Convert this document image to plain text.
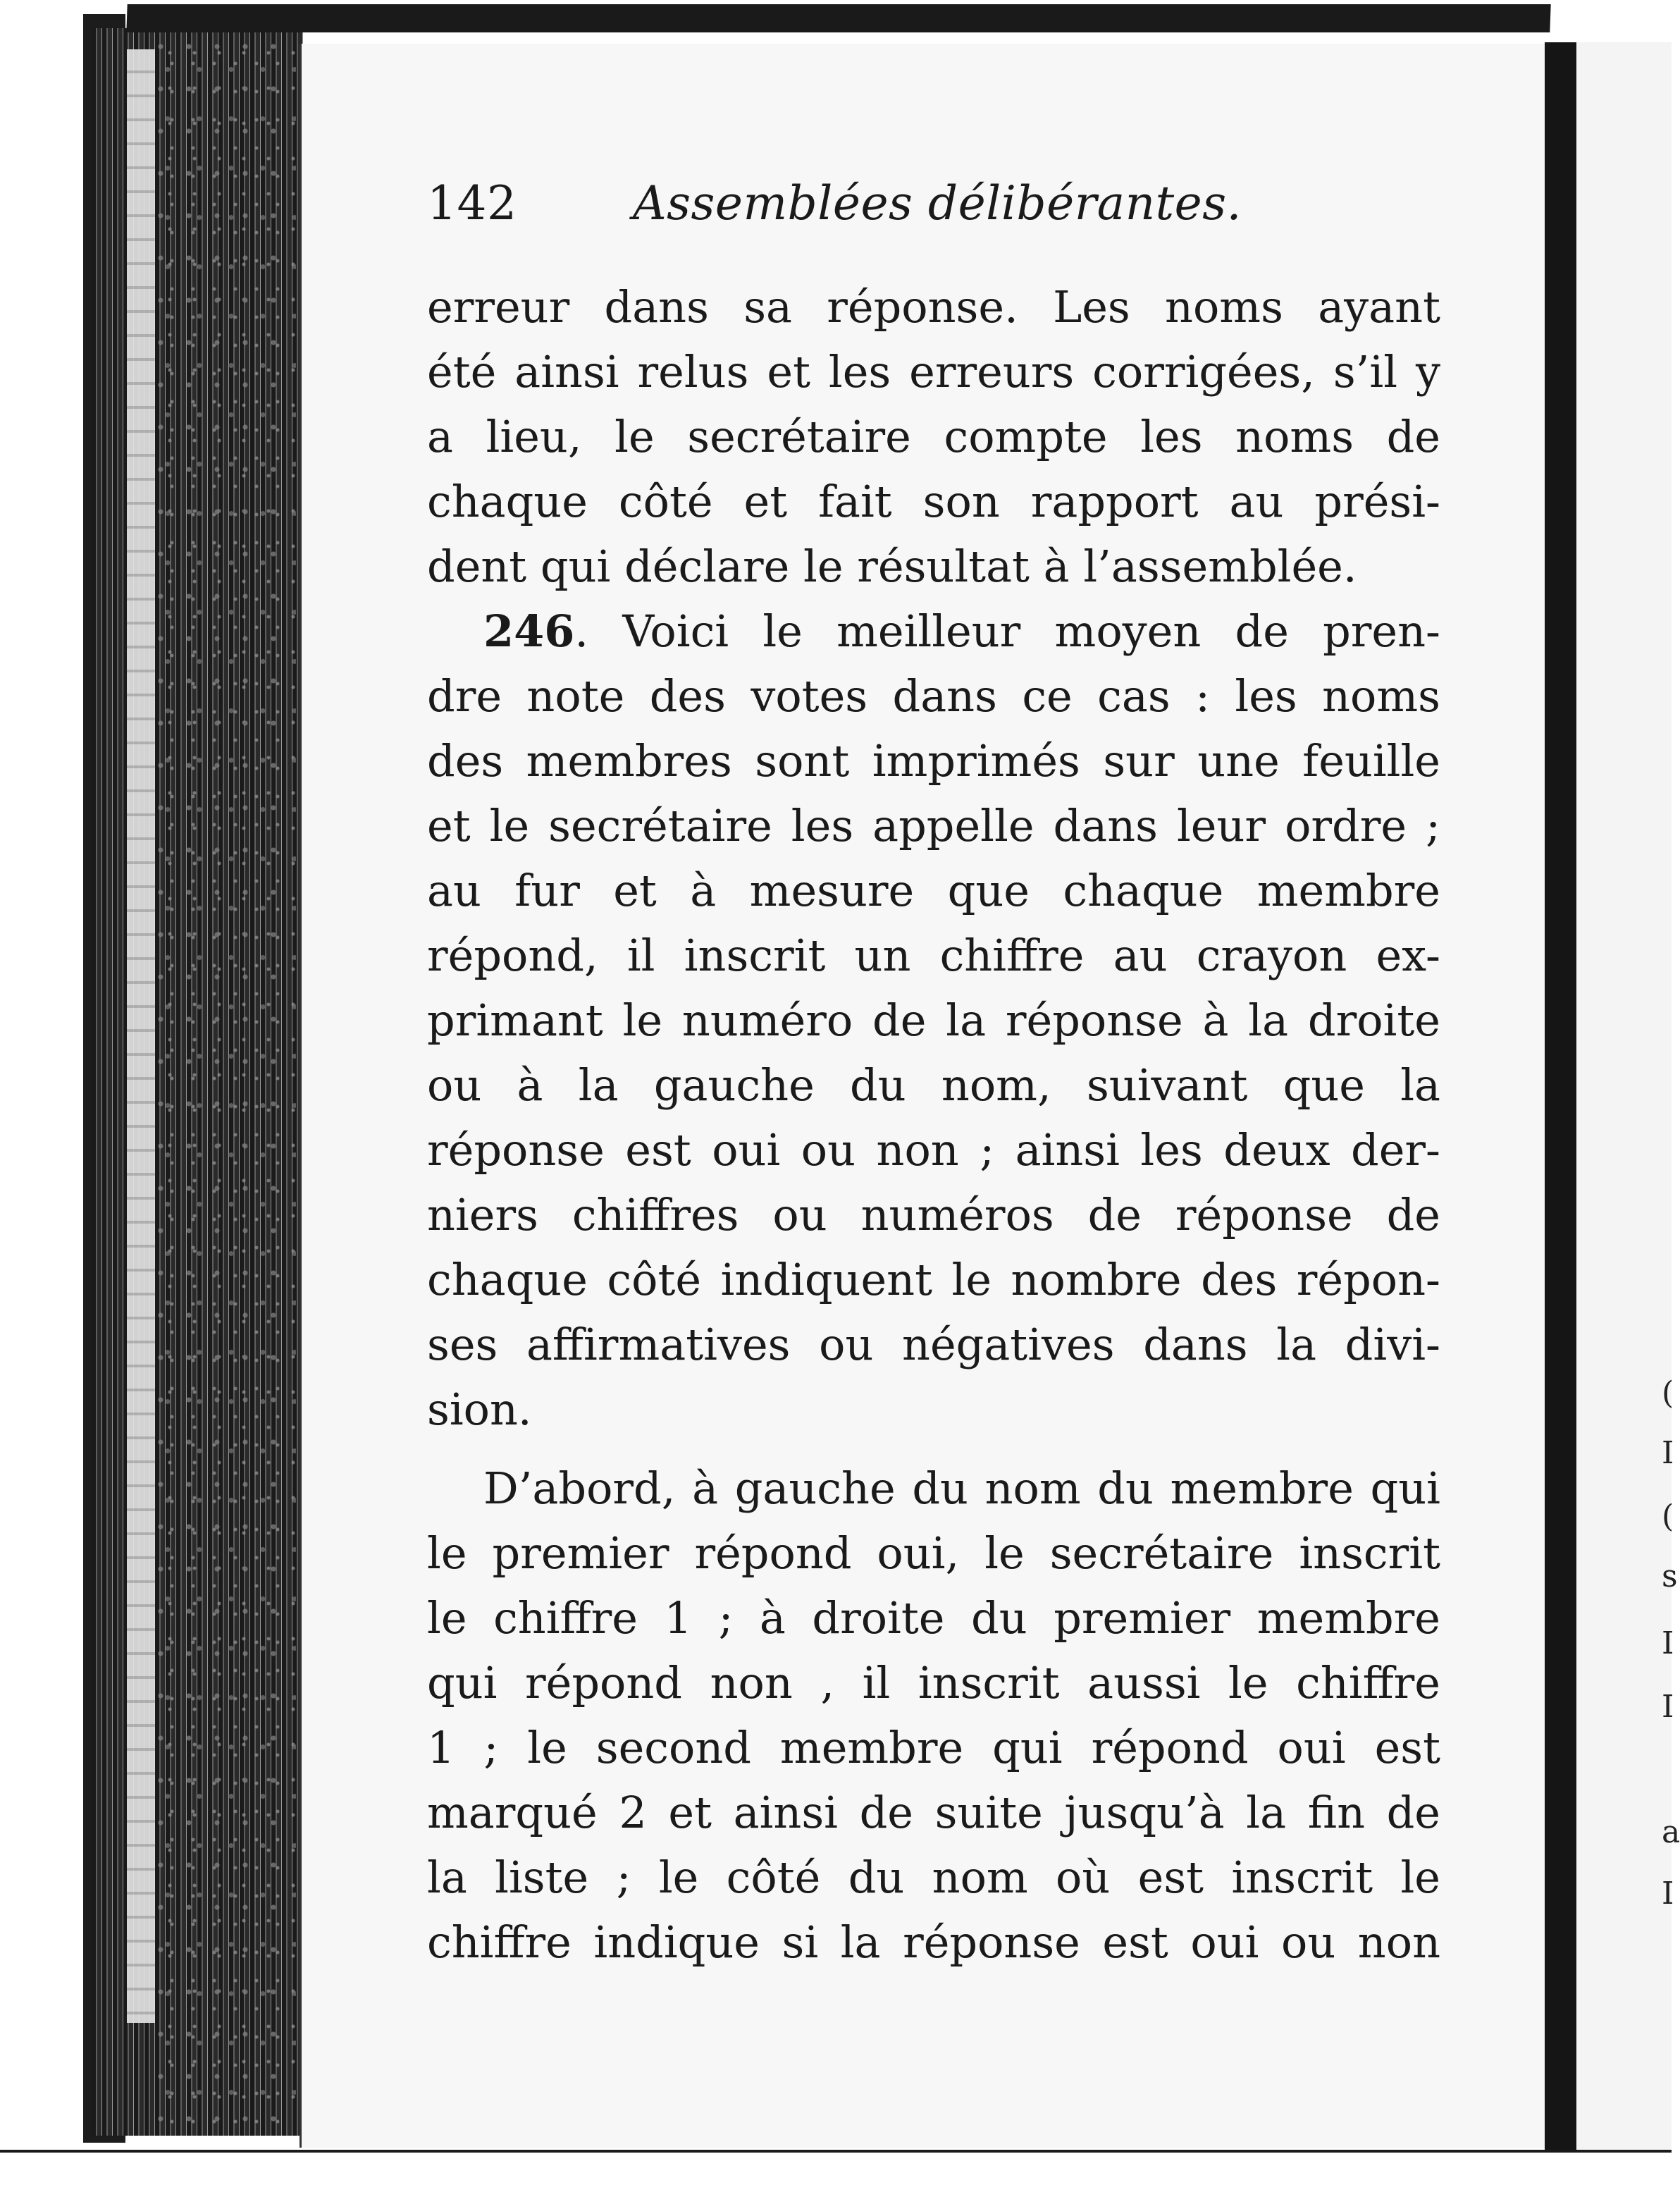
(
I
(
s
I
I
a
I
142 Assemblées délibérantes.
erreur dans sa réponse. Les noms ayant
été ainsi relus et les erreurs corrigées, s’il y
a lieu, le secrétaire compte les noms de
chaque côté et fait son rapport au prési-
dent qui déclare le résultat à l’assemblée.
246. Voici le meilleur moyen de pren-
dre note des votes dans ce cas : les noms
des membres sont imprimés sur une feuille
et le secrétaire les appelle dans leur ordre ;
au fur et à mesure que chaque membre
répond, il inscrit un chiffre au crayon ex-
primant le numéro de la réponse à la droite
ou à la gauche du nom, suivant que la
réponse est oui ou non ; ainsi les deux der-
niers chiffres ou numéros de réponse de
chaque côté indiquent le nombre des répon-
ses affirmatives ou négatives dans la divi-
sion.
D’abord, à gauche du nom du membre qui
le premier répond oui, le secrétaire inscrit
le chiffre 1 ; à droite du premier membre
qui répond non , il inscrit aussi le chiffre
1 ; le second membre qui répond oui est
marqué 2 et ainsi de suite jusqu’à la fin de
la liste ; le côté du nom où est inscrit le
chiffre indique si la réponse est oui ou non
